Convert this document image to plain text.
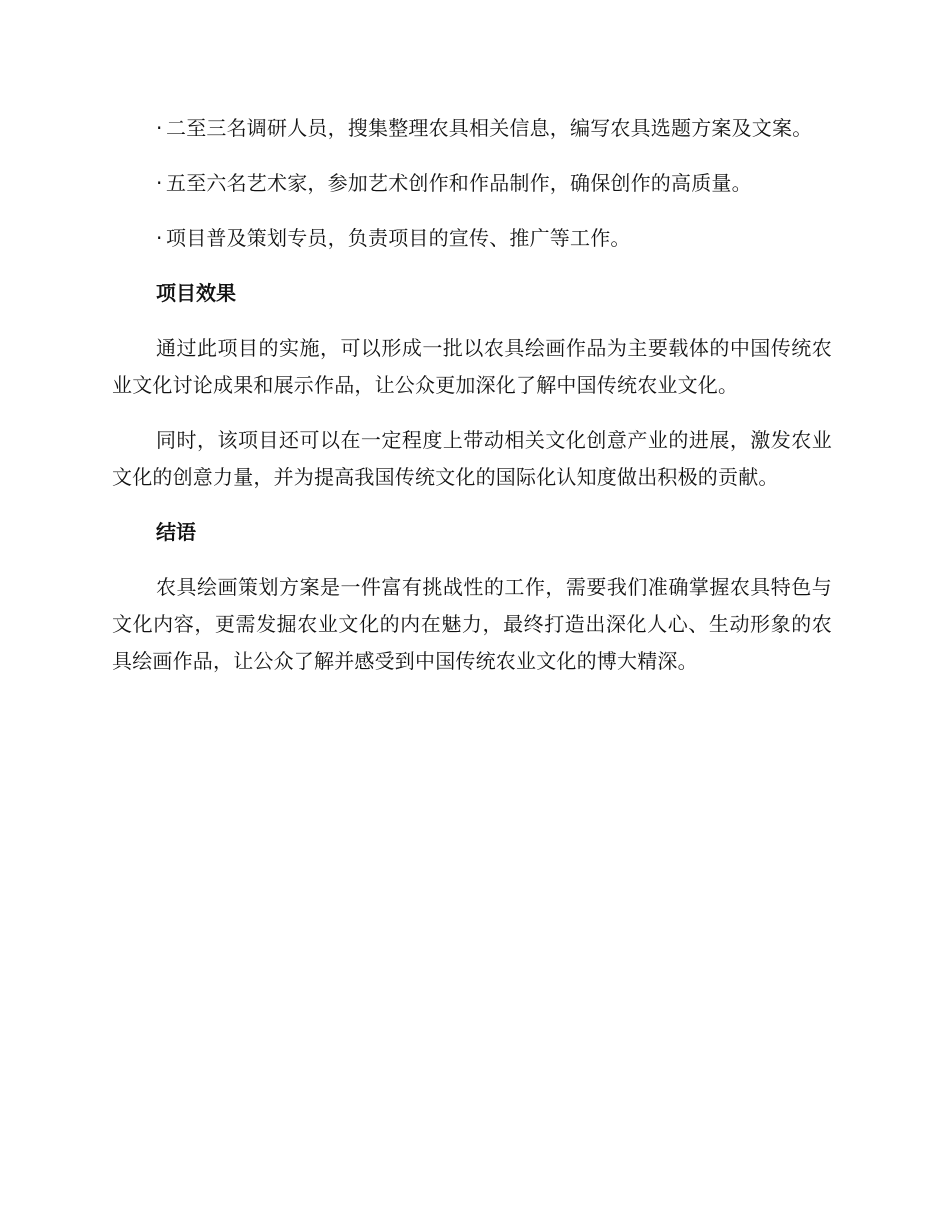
· 二至三名调研人员，搜集整理农具相关信息，编写农具选题方案及文案。

· 五至六名艺术家，参加艺术创作和作品制作，确保创作的高质量。

· 项目普及策划专员，负责项目的宣传、推广等工作。

项目效果

通过此项目的实施，可以形成一批以农具绘画作品为主要载体的中国传统农业文化讨论成果和展示作品，让公众更加深化了解中国传统农业文化。

同时，该项目还可以在一定程度上带动相关文化创意产业的进展，激发农业文化的创意力量，并为提高我国传统文化的国际化认知度做出积极的贡献。

结语

农具绘画策划方案是一件富有挑战性的工作，需要我们准确掌握农具特色与文化内容，更需发掘农业文化的内在魅力，最终打造出深化人心、生动形象的农具绘画作品，让公众了解并感受到中国传统农业文化的博大精深。
